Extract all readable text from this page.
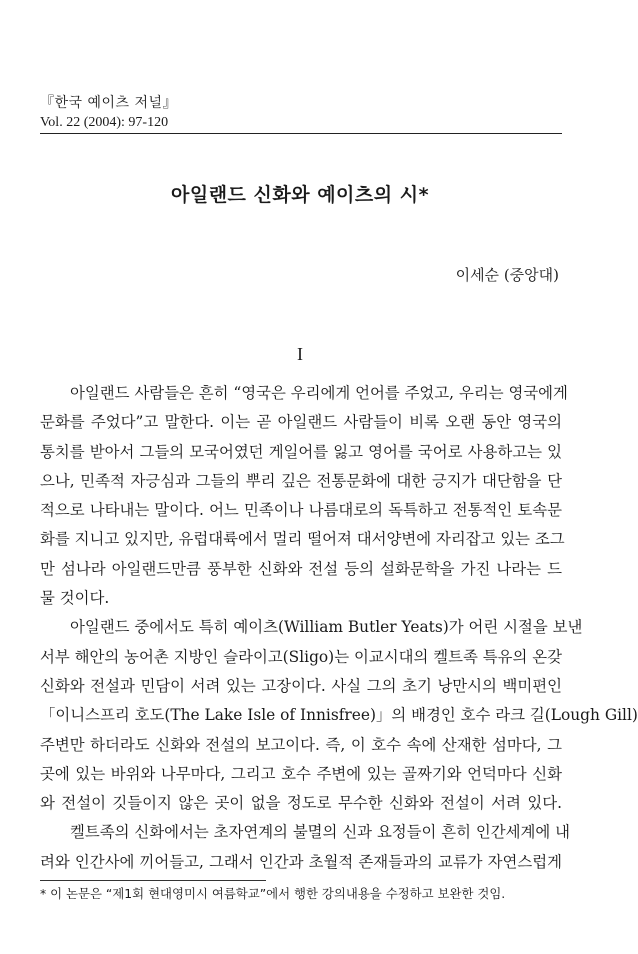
『한국 예이츠 저널』
Vol. 22 (2004): 97-120
아일랜드 신화와 예이츠의 시*
이세순 (중앙대)
I
아일랜드 사람들은 흔히 “영국은 우리에게 언어를 주었고, 우리는 영국에게
문화를 주었다”고 말한다. 이는 곧 아일랜드 사람들이 비록 오랜 동안 영국의
통치를 받아서 그들의 모국어였던 게일어를 잃고 영어를 국어로 사용하고는 있
으나, 민족적 자긍심과 그들의 뿌리 깊은 전통문화에 대한 긍지가 대단함을 단
적으로 나타내는 말이다. 어느 민족이나 나름대로의 독특하고 전통적인 토속문
화를 지니고 있지만, 유럽대륙에서 멀리 떨어져 대서양변에 자리잡고 있는 조그
만 섬나라 아일랜드만큼 풍부한 신화와 전설 등의 설화문학을 가진 나라는 드
물 것이다.
아일랜드 중에서도 특히 예이츠(William Butler Yeats)가 어린 시절을 보낸
서부 해안의 농어촌 지방인 슬라이고(Sligo)는 이교시대의 켈트족 특유의 온갖
신화와 전설과 민담이 서려 있는 고장이다. 사실 그의 초기 낭만시의 백미편인
「이니스프리 호도(The Lake Isle of Innisfree)」의 배경인 호수 라크 길(Lough Gill)
주변만 하더라도 신화와 전설의 보고이다. 즉, 이 호수 속에 산재한 섬마다, 그
곳에 있는 바위와 나무마다, 그리고 호수 주변에 있는 골짜기와 언덕마다 신화
와 전설이 깃들이지 않은 곳이 없을 정도로 무수한 신화와 전설이 서려 있다.
켈트족의 신화에서는 초자연계의 불멸의 신과 요정들이 흔히 인간세계에 내
려와 인간사에 끼어들고, 그래서 인간과 초월적 존재들과의 교류가 자연스럽게
* 이 논문은 “제1회 현대영미시 여름학교”에서 행한 강의내용을 수정하고 보완한 것임.
